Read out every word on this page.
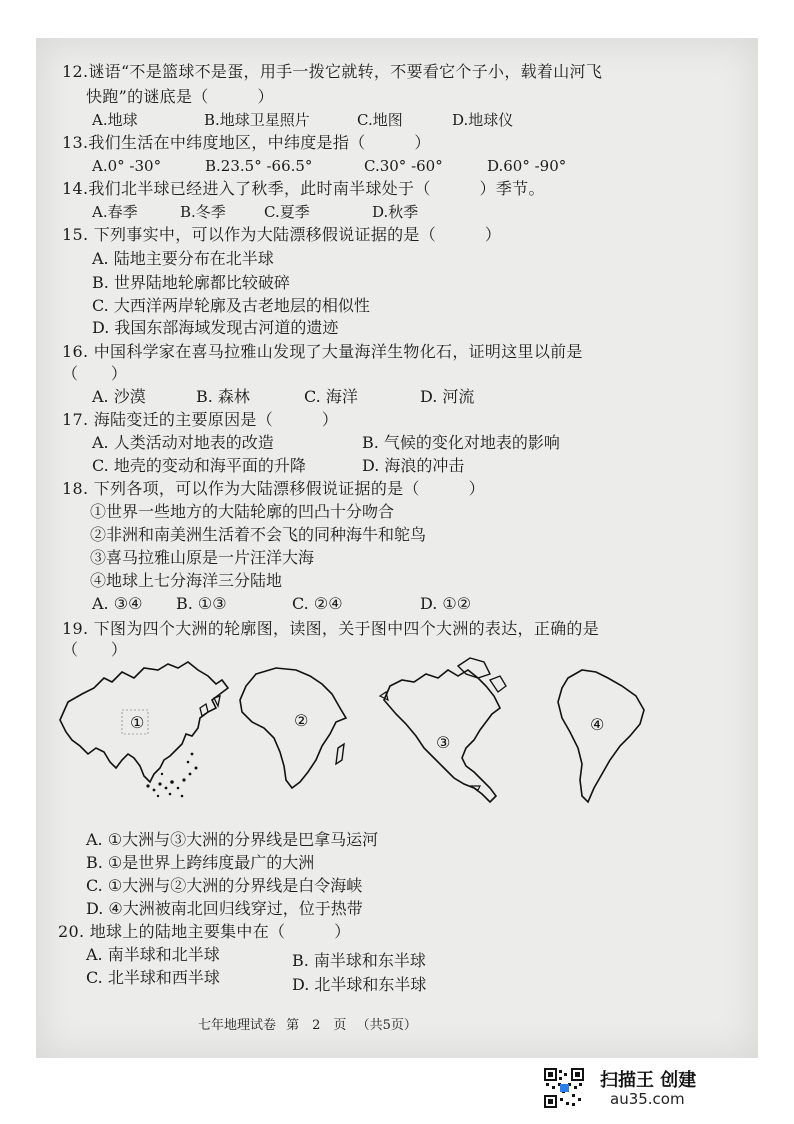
12.谜语“不是篮球不是蛋，用手一拨它就转，不要看它个子小，载着山河飞
快跑”的谜底是（　　　）
A.地球	B.地球卫星照片	C.地图	D.地球仪
13.我们生活在中纬度地区，中纬度是指（　　　）
A.0° -30°	B.23.5° -66.5°	C.30° -60°	D.60° -90°
14.我们北半球已经进入了秋季，此时南半球处于（　　　）季节。
A.春季	B.冬季	C.夏季	D.秋季
15. 下列事实中，可以作为大陆漂移假说证据的是（　　　）
A. 陆地主要分布在北半球
B. 世界陆地轮廓都比较破碎
C. 大西洋两岸轮廓及古老地层的相似性
D. 我国东部海域发现古河道的遗迹
16. 中国科学家在喜马拉雅山发现了大量海洋生物化石，证明这里以前是
（　　）
A. 沙漠	B. 森林	C. 海洋	D. 河流
17. 海陆变迁的主要原因是（　　　）
A. 人类活动对地表的改造	B. 气候的变化对地表的影响
C. 地壳的变动和海平面的升降	D. 海浪的冲击
18. 下列各项，可以作为大陆漂移假说证据的是（　　　）
①世界一些地方的大陆轮廓的凹凸十分吻合
②非洲和南美洲生活着不会飞的同种海牛和鸵鸟
③喜马拉雅山原是一片汪洋大海
④地球上七分海洋三分陆地
A. ③④ B. ①③	C. ②④	D. ①②
19. 下图为四个大洲的轮廓图，读图，关于图中四个大洲的表达，正确的是
（　　）
①	②
③
④
A. ①大洲与③大洲的分界线是巴拿马运河
B. ①是世界上跨纬度最广的大洲
C. ①大洲与②大洲的分界线是白令海峡
D. ④大洲被南北回归线穿过，位于热带
20. 地球上的陆地主要集中在（　　　）
A. 南半球和北半球	B. 南半球和东半球
C. 北半球和西半球	D. 北半球和东半球
七年地理试卷 第　2　页 （共5页）
扫描王 创建
au35.com
